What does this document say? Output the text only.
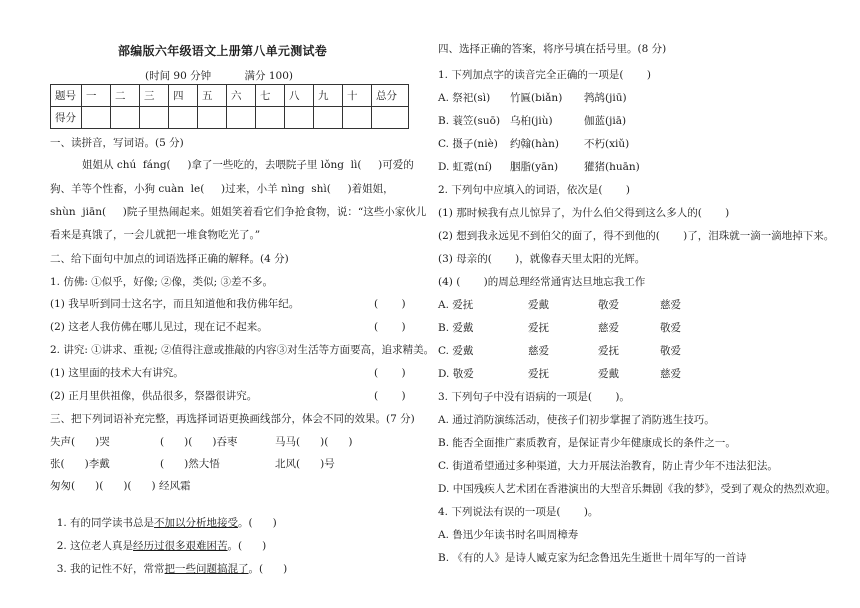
部编版六年级语文上册第八单元测试卷
(时间 90 分钟          满分 100)
题号	一	二	三	四	五	六	七	八	九	十	总分
得分											
一、读拼音，写词语。(5 分)
姐姐从 chú  fáng(     )拿了一些吃的，去喂院子里 lǒng  lì(     )可爱的
狗、羊等个性畜，小狗 cuàn  le(     )过来，小羊 nìng  shì(     )着姐姐，
shùn  jiān(     )院子里热闹起来。姐姐笑着看它们争抢食物，说：“这些小家伙儿
看来是真饿了，一会儿就把一堆食物吃光了。”
二、给下面句中加点的词语选择正确的解释。(4 分)
1. 仿佛: ①似乎，好像; ②像，类似; ③差不多。
(1) 我早听到同士这名字，而且知道他和我仿佛年纪。	(       )
(2) 这老人我仿佛在哪儿见过，现在记不起来。	(       )
2. 讲究: ①讲求、重视; ②值得注意或推敲的内容③对生活等方面要高，追求精美。
(1) 这里面的技术大有讲究。	(       )
(2) 正月里供祖像，供品很多，祭器很讲究。	(       )
三、把下列词语补充完整，再选择词语更换画线部分，体会不同的效果。(7 分)
失声(      )哭	(      )(      )吞枣	马马(      )(      )
张(      )李戴	(      )然大悟	北风(      )号
匆匆(      )(      )(      ) 经风霜

1. 有的同学读书总是不加以分析地接受。(      )

2. 这位老人真是经历过很多艰难困苦。(      )

3. 我的记性不好，常常把一些问题搞混了。(      )

四、选择正确的答案，将序号填在括号里。(8 分)
1. 下列加点字的读音完全正确的一项是(       )
A. 祭祀(sì) 竹匾(biǎn) 鹁鸪(jiū)
B. 蓑笠(suō) 乌桕(jiù)	伽蓝(jiā)
C. 摄子(niè) 约翰(hàn) 不朽(xiǔ)
D. 虹霓(ní) 胭脂(yān) 獾猪(huān)
2. 下列句中应填入的词语，依次是(       )
(1) 那时候我有点儿惊异了，为什么伯父得到这么多人的(       )
(2) 想到我永远见不到伯父的面了，得不到他的(       )了，泪珠就一滴一滴地掉下来。
(3) 母亲的(       )，就像春天里太阳的光辉。
(4) (       )的周总理经常通宵达旦地忘我工作
A. 爱抚	爱戴	敬爱	慈爱
B. 爱戴	爱抚	慈爱	敬爱
C. 爱戴	慈爱	爱抚	敬爱
D. 敬爱	爱抚	爱戴	慈爱
3. 下列句子中没有语病的一项是(       )。
A. 通过消防演练活动，使孩子们初步掌握了消防逃生技巧。
B. 能否全面推广素质教育，是保证青少年健康成长的条件之一。
C. 街道希望通过多种渠道，大力开展法治教育，防止青少年不违法犯法。
D. 中国残疾人艺术团在香港演出的大型音乐舞剧《我的梦》，受到了观众的热烈欢迎。
4. 下列说法有误的一项是(       )。
A. 鲁迅少年读书时名叫周樟寿
B. 《有的人》是诗人臧克家为纪念鲁迅先生逝世十周年写的一首诗
